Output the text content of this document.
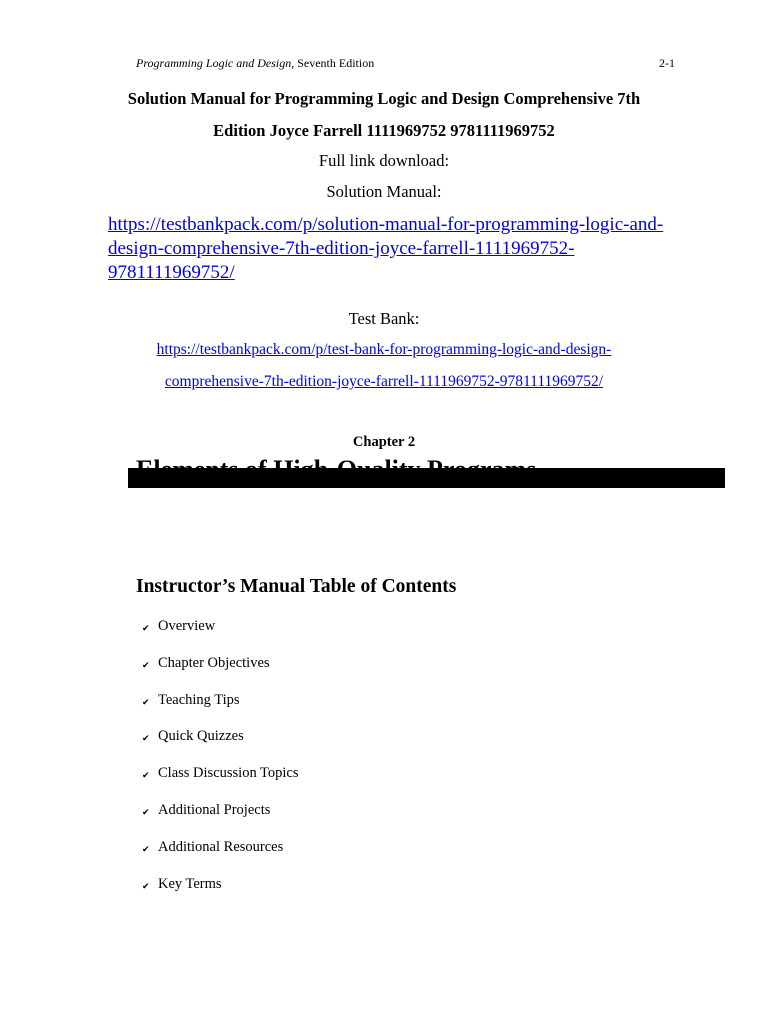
Programming Logic and Design, Seventh Edition	2-1
Solution Manual for Programming Logic and Design Comprehensive 7th
Edition Joyce Farrell 1111969752 9781111969752
Full link download:
Solution Manual:
https://testbankpack.com/p/solution-manual-for-programming-logic-and-
design-comprehensive-7th-edition-joyce-farrell-1111969752-
9781111969752/
Test Bank:
https://testbankpack.com/p/test-bank-for-programming-logic-and-design-
comprehensive-7th-edition-joyce-farrell-1111969752-9781111969752/
Chapter 2
Instructor’s Manual Table of Contents
✔ Overview
✔ Chapter Objectives
✔ Teaching Tips
✔ Quick Quizzes
✔ Class Discussion Topics
✔ Additional Projects
✔ Additional Resources
✔ Key Terms
